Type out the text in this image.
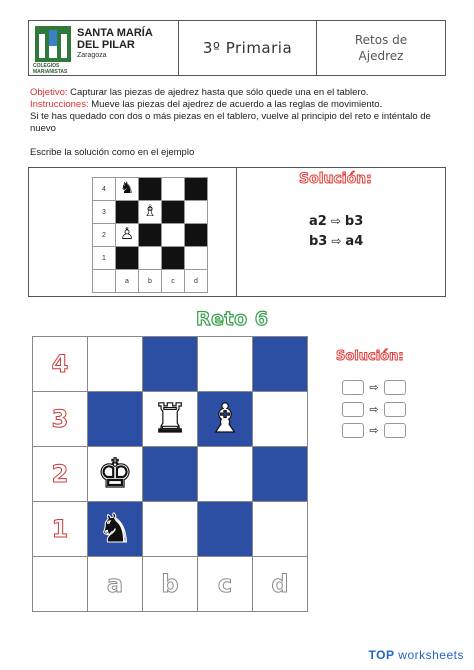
COLEGIOS
MARIANISTAS
SANTA MARÍA
DEL PILAR
Zaragoza	3º Primaria	Retos de
Ajedrez
Objetivo: Capturar las piezas de ajedrez hasta que sólo quede una en el tablero.
Instrucciones: Mueve las piezas del ajedrez de acuerdo a las reglas de movimiento.
Si te has quedado con dos o más piezas en el tablero, vuelve al principio del reto e inténtalo de nuevo
Escribe la solución como en el ejemplo
4	♞			
3		♗		
2	♙			
1				
	a	b	c	d
Solución:
a2 ⇨ b3
b3 ⇨ a4
Reto 6
4				
3		♜	♝	
2	♚			
1	♞			
	a	b	c	d
Solución:
⇨
⇨
⇨
TOP worksheets
